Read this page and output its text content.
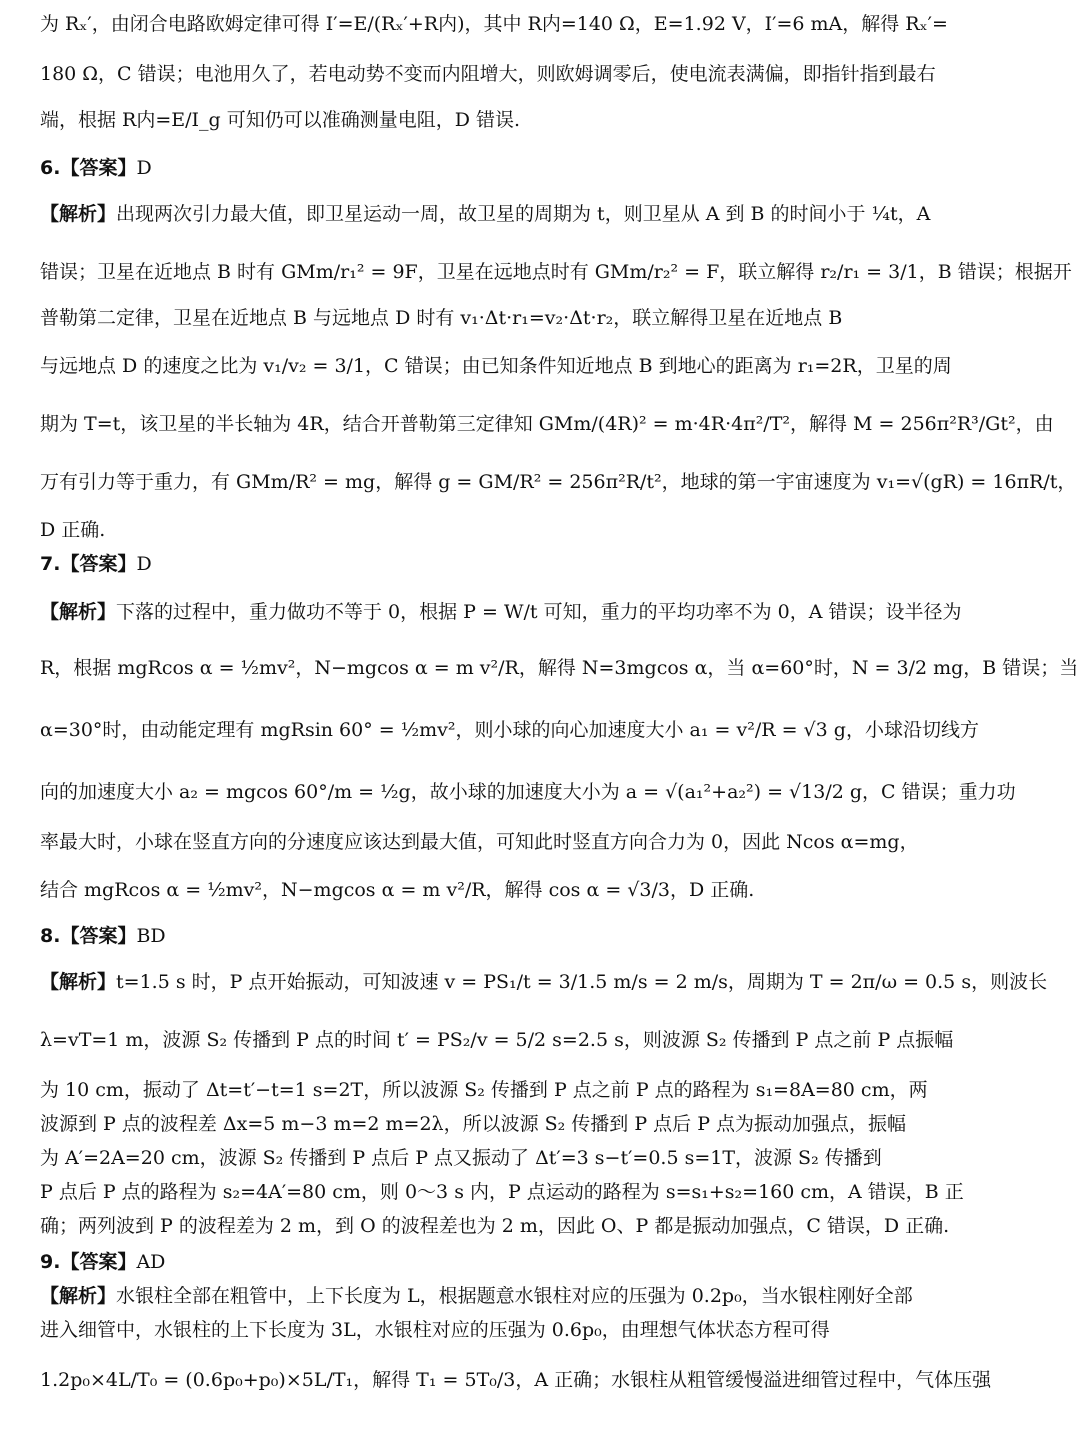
为 Rₓ′，由闭合电路欧姆定律可得 I′=E/(Rₓ′+R内)，其中 R内=140 Ω，E=1.92 V，I′=6 mA，解得 Rₓ′=
180 Ω，C 错误；电池用久了，若电动势不变而内阻增大，则欧姆调零后，使电流表满偏，即指针指到最右
端，根据 R内=E/I_g 可知仍可以准确测量电阻，D 错误.
6.【答案】D
【解析】出现两次引力最大值，即卫星运动一周，故卫星的周期为 t，则卫星从 A 到 B 的时间小于 ¼t，A
错误；卫星在近地点 B 时有 GMm/r₁² = 9F，卫星在远地点时有 GMm/r₂² = F，联立解得 r₂/r₁ = 3/1，B 错误；根据开
普勒第二定律，卫星在近地点 B 与远地点 D 时有 v₁·Δt·r₁=v₂·Δt·r₂，联立解得卫星在近地点 B
与远地点 D 的速度之比为 v₁/v₂ = 3/1，C 错误；由已知条件知近地点 B 到地心的距离为 r₁=2R，卫星的周
期为 T=t，该卫星的半长轴为 4R，结合开普勒第三定律知 GMm/(4R)² = m·4R·4π²/T²，解得 M = 256π²R³/Gt²，由
万有引力等于重力，有 GMm/R² = mg，解得 g = GM/R² = 256π²R/t²，地球的第一宇宙速度为 v₁=√(gR) = 16πR/t，
D 正确.
7.【答案】D
【解析】下落的过程中，重力做功不等于 0，根据 P = W/t 可知，重力的平均功率不为 0，A 错误；设半径为
R，根据 mgRcos α = ½mv²，N−mgcos α = m v²/R，解得 N=3mgcos α，当 α=60°时，N = 3/2 mg，B 错误；当
α=30°时，由动能定理有 mgRsin 60° = ½mv²，则小球的向心加速度大小 a₁ = v²/R = √3 g，小球沿切线方
向的加速度大小 a₂ = mgcos 60°/m = ½g，故小球的加速度大小为 a = √(a₁²+a₂²) = √13/2 g，C 错误；重力功
率最大时，小球在竖直方向的分速度应该达到最大值，可知此时竖直方向合力为 0，因此 Ncos α=mg，
结合 mgRcos α = ½mv²，N−mgcos α = m v²/R，解得 cos α = √3/3，D 正确.
8.【答案】BD
【解析】t=1.5 s 时，P 点开始振动，可知波速 v = PS₁/t = 3/1.5 m/s = 2 m/s，周期为 T = 2π/ω = 0.5 s，则波长
λ=vT=1 m，波源 S₂ 传播到 P 点的时间 t′ = PS₂/v = 5/2 s=2.5 s，则波源 S₂ 传播到 P 点之前 P 点振幅
为 10 cm，振动了 Δt=t′−t=1 s=2T，所以波源 S₂ 传播到 P 点之前 P 点的路程为 s₁=8A=80 cm，两
波源到 P 点的波程差 Δx=5 m−3 m=2 m=2λ，所以波源 S₂ 传播到 P 点后 P 点为振动加强点，振幅
为 A′=2A=20 cm，波源 S₂ 传播到 P 点后 P 点又振动了 Δt′=3 s−t′=0.5 s=1T，波源 S₂ 传播到
P 点后 P 点的路程为 s₂=4A′=80 cm，则 0～3 s 内，P 点运动的路程为 s=s₁+s₂=160 cm，A 错误，B 正
确；两列波到 P 的波程差为 2 m，到 O 的波程差也为 2 m，因此 O、P 都是振动加强点，C 错误，D 正确.
9.【答案】AD
【解析】水银柱全部在粗管中，上下长度为 L，根据题意水银柱对应的压强为 0.2p₀，当水银柱刚好全部
进入细管中，水银柱的上下长度为 3L，水银柱对应的压强为 0.6p₀，由理想气体状态方程可得
1.2p₀×4L/T₀ = (0.6p₀+p₀)×5L/T₁，解得 T₁ = 5T₀/3，A 正确；水银柱从粗管缓慢溢进细管过程中，气体压强
